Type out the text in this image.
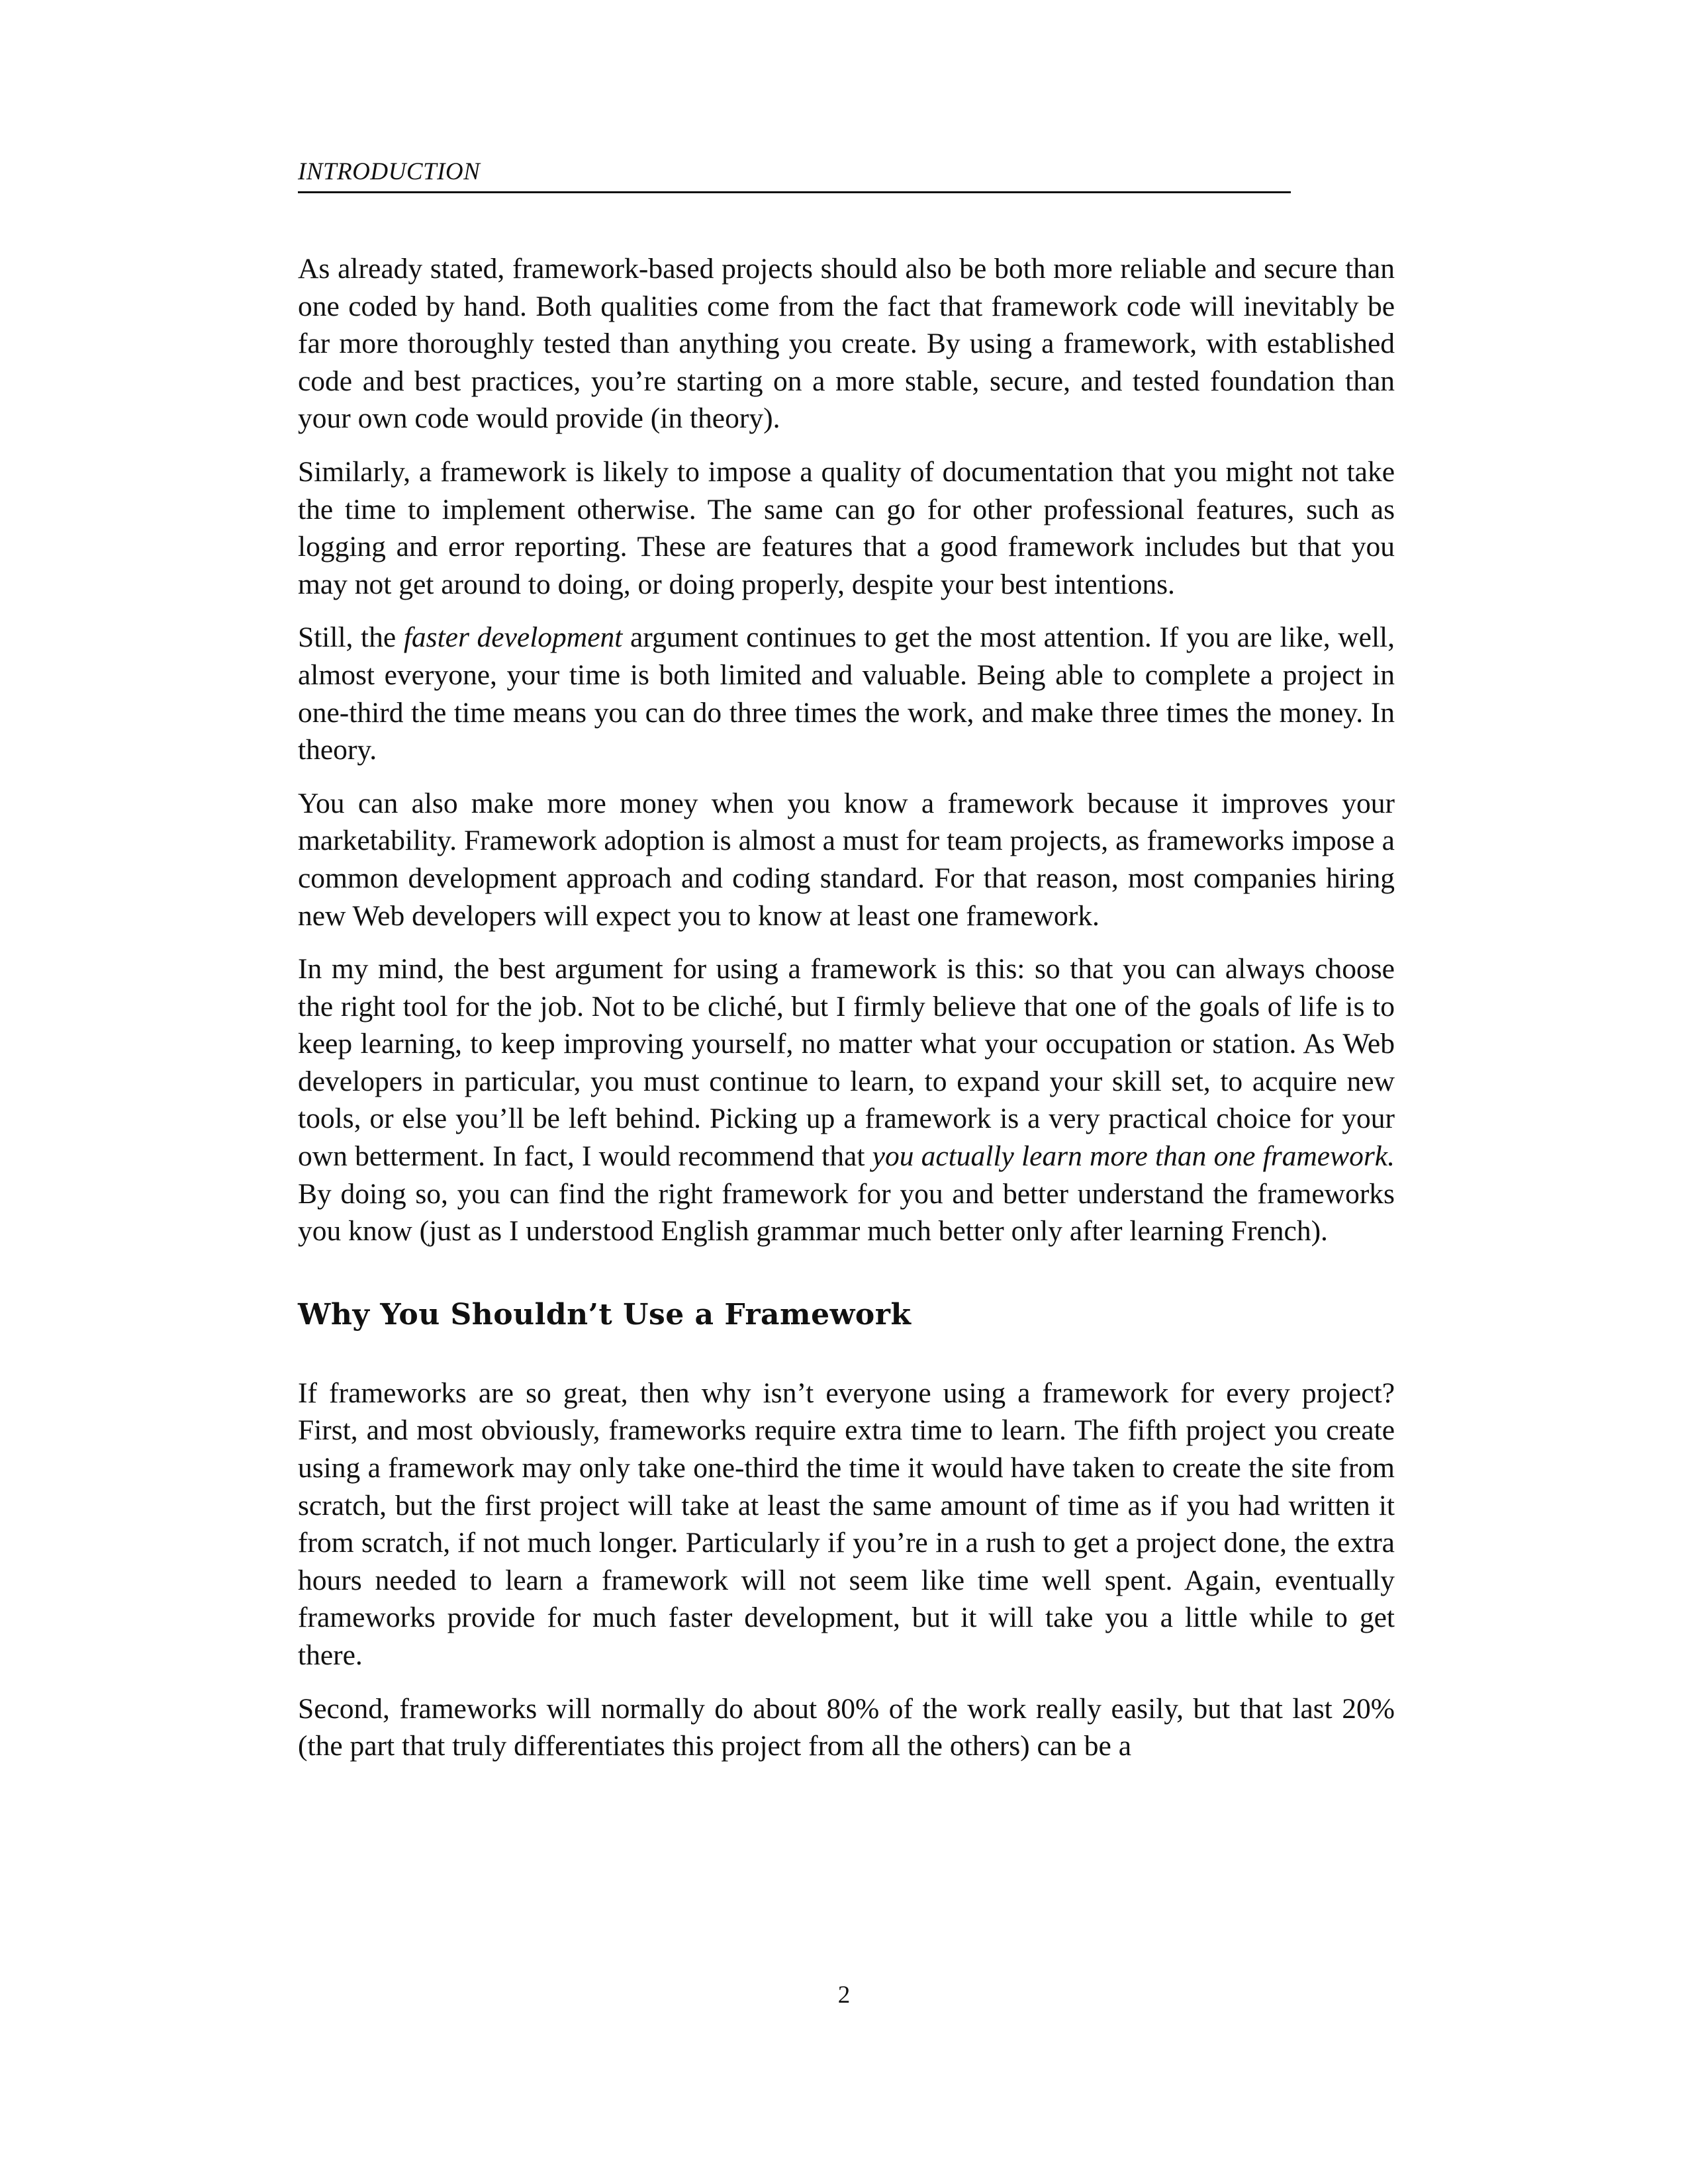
INTRODUCTION

As already stated, framework-based projects should also be both more reliable and secure than one coded by hand. Both qualities come from the fact that framework code will inevitably be far more thoroughly tested than anything you create. By using a framework, with established code and best practices, you’re starting on a more stable, secure, and tested foundation than your own code would provide (in theory).

Similarly, a framework is likely to impose a quality of documentation that you might not take the time to implement otherwise. The same can go for other professional features, such as logging and error reporting. These are features that a good framework includes but that you may not get around to doing, or doing properly, despite your best intentions.

Still, the faster development argument continues to get the most attention. If you are like, well, almost everyone, your time is both limited and valuable. Being able to complete a project in one-third the time means you can do three times the work, and make three times the money. In theory.

You can also make more money when you know a framework because it improves your marketability. Framework adoption is almost a must for team projects, as frameworks impose a common development approach and coding standard. For that reason, most companies hiring new Web developers will expect you to know at least one framework.

In my mind, the best argument for using a framework is this: so that you can always choose the right tool for the job. Not to be cliché, but I firmly believe that one of the goals of life is to keep learning, to keep improving yourself, no matter what your occupation or station. As Web developers in particular, you must continue to learn, to expand your skill set, to acquire new tools, or else you’ll be left behind. Picking up a framework is a very practical choice for your own betterment. In fact, I would recommend that you actually learn more than one framework. By doing so, you can find the right framework for you and better understand the frameworks you know (just as I understood English grammar much better only after learning French).

Why You Shouldn’t Use a Framework

If frameworks are so great, then why isn’t everyone using a framework for every project? First, and most obviously, frameworks require extra time to learn. The fifth project you create using a framework may only take one-third the time it would have taken to create the site from scratch, but the first project will take at least the same amount of time as if you had written it from scratch, if not much longer. Particularly if you’re in a rush to get a project done, the extra hours needed to learn a framework will not seem like time well spent. Again, eventually frameworks provide for much faster development, but it will take you a little while to get there.

Second, frameworks will normally do about 80% of the work really easily, but that last 20% (the part that truly differentiates this project from all the others) can be a

2
